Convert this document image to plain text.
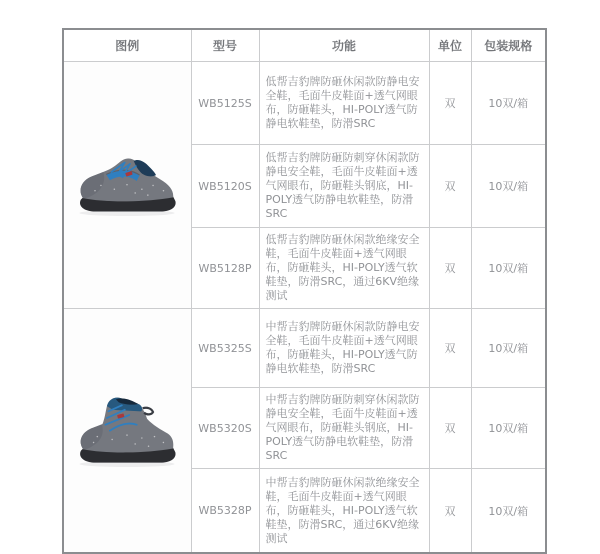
图例	型号	功能	单位	包装规格

	WB5125S	低帮吉豹牌防砸休闲款防静电安全鞋，毛面牛皮鞋面+透气网眼布，防砸鞋头，HI-POLY透气防静电软鞋垫，防滑SRC	双	10双/箱
	WB5120S	低帮吉豹牌防砸防刺穿休闲款防静电安全鞋，毛面牛皮鞋面+透气网眼布，防砸鞋头钢底，HI-POLY透气防静电软鞋垫，防滑SRC	双	10双/箱
	WB5128P	低帮吉豹牌防砸休闲款绝缘安全鞋，毛面牛皮鞋面+透气网眼布，防砸鞋头，HI-POLY透气软鞋垫，防滑SRC，通过6KV绝缘测试	双	10双/箱

	WB5325S	中帮吉豹牌防砸休闲款防静电安全鞋，毛面牛皮鞋面+透气网眼布，防砸鞋头，HI-POLY透气防静电软鞋垫，防滑SRC	双	10双/箱
	WB5320S	中帮吉豹牌防砸防刺穿休闲款防静电安全鞋，毛面牛皮鞋面+透气网眼布，防砸鞋头钢底，HI-POLY透气防静电软鞋垫，防滑SRC	双	10双/箱
	WB5328P	中帮吉豹牌防砸休闲款绝缘安全鞋，毛面牛皮鞋面+透气网眼布，防砸鞋头，HI-POLY透气软鞋垫，防滑SRC，通过6KV绝缘测试	双	10双/箱
